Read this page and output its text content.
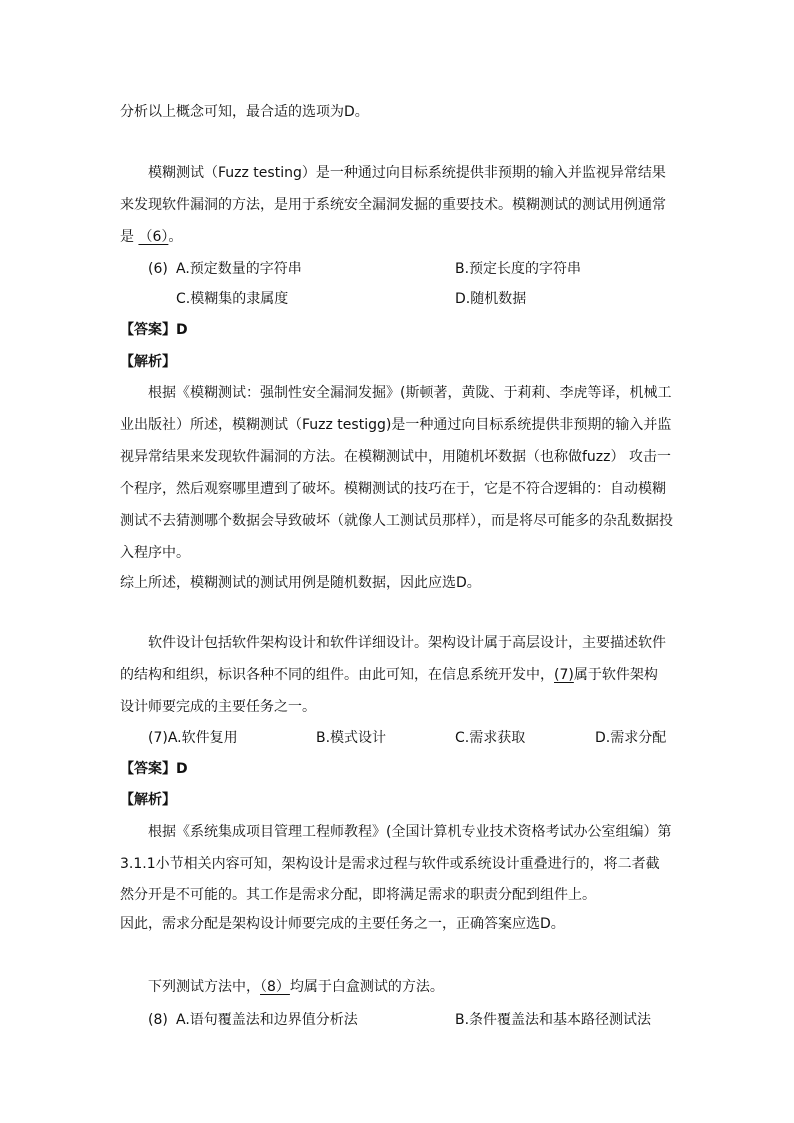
分析以上概念可知，最合适的选项为D。
模糊测试（Fuzz testing）是一种通过向目标系统提供非预期的输入并监视异常结果
来发现软件漏洞的方法，是用于系统安全漏洞发掘的重要技术。模糊测试的测试用例通常
是 （6）。
(6) A.预定数量的字符串	B.预定长度的字符串
C.模糊集的隶属度	D.随机数据
【答案】D
【解析】
根据《模糊测试：强制性安全漏洞发掘》(斯顿著，黄陇、于莉莉、李虎等译，机械工
业出版社）所述，模糊测试（Fuzz testigg)是一种通过向目标系统提供非预期的输入并监
视异常结果来发现软件漏洞的方法。在模糊测试中，用随机坏数据（也称做fuzz） 攻击一
个程序，然后观察哪里遭到了破坏。模糊测试的技巧在于，它是不符合逻辑的：自动模糊
测试不去猜测哪个数据会导致破坏（就像人工测试员那样），而是将尽可能多的杂乱数据投
入程序中。
综上所述，模糊测试的测试用例是随机数据，因此应选D。
软件设计包括软件架构设计和软件详细设计。架构设计属于高层设计，主要描述软件
的结构和组织，标识各种不同的组件。由此可知，在信息系统开发中，(7)属于软件架构
设计师要完成的主要任务之一。
(7)A.软件复用	B.模式设计	C.需求获取	D.需求分配
【答案】D
【解析】
根据《系统集成项目管理工程师教程》(全国计算机专业技术资格考试办公室组编）第
3.1.1小节相关内容可知，架构设计是需求过程与软件或系统设计重叠进行的，将二者截
然分开是不可能的。其工作是需求分配，即将满足需求的职责分配到组件上。
因此，需求分配是架构设计师要完成的主要任务之一，正确答案应选D。
下列测试方法中，（8）均属于白盒测试的方法。
(8) A.语句覆盖法和边界值分析法	B.条件覆盖法和基本路径测试法
